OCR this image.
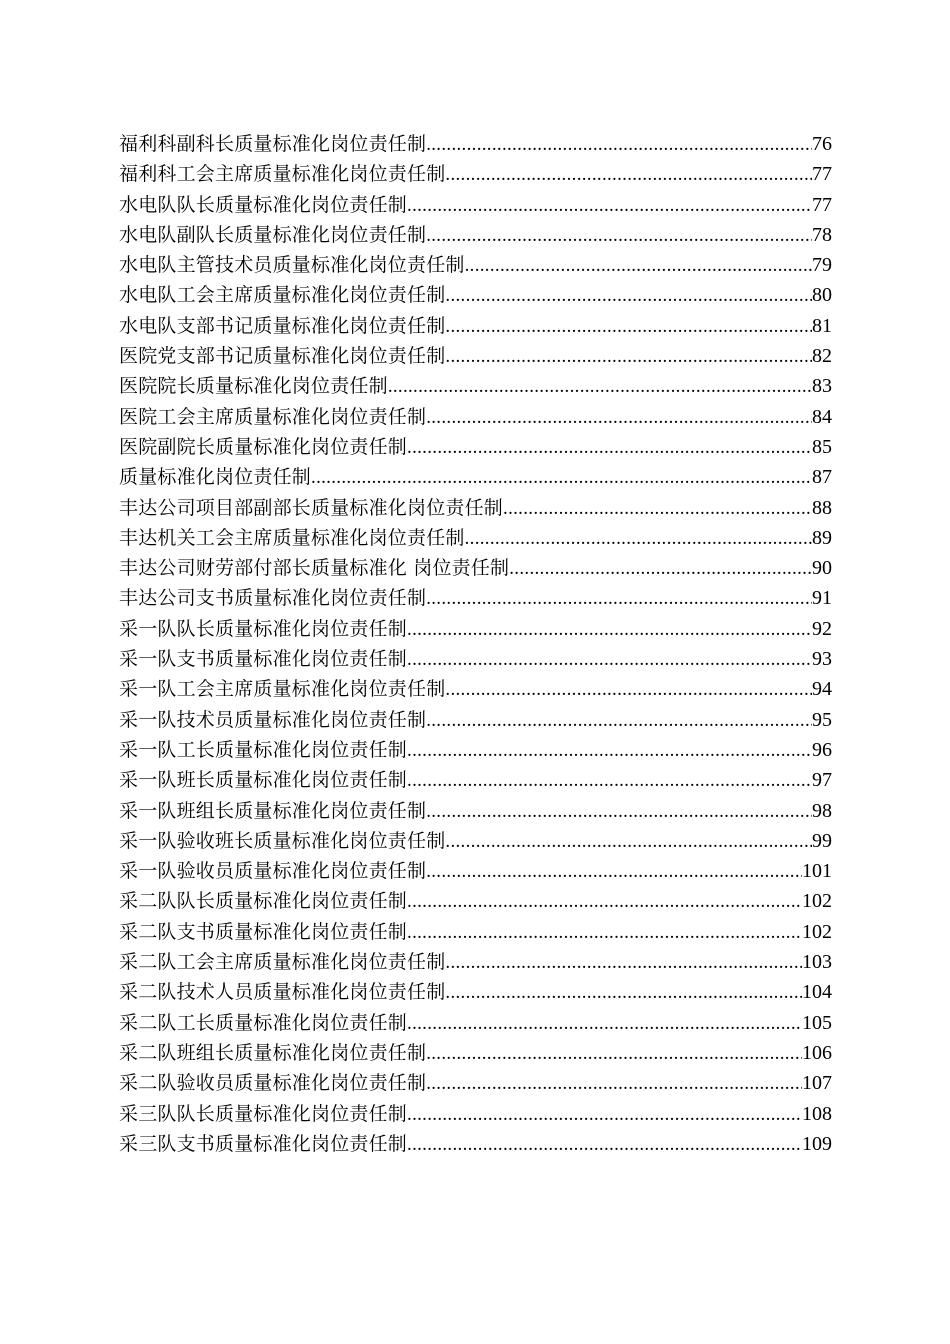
福利科副科长质量标准化岗位责任制 .....	76
福利科工会主席质量标准化岗位责任制 .....	77
水电队队长质量标准化岗位责任制 .....	77
水电队副队长质量标准化岗位责任制 .....	78
水电队主管技术员质量标准化岗位责任制 .....	79
水电队工会主席质量标准化岗位责任制 .....	80
水电队支部书记质量标准化岗位责任制 .....	81
医院党支部书记质量标准化岗位责任制 .....	82
医院院长质量标准化岗位责任制 .....	83
医院工会主席质量标准化岗位责任制 .....	84
医院副院长质量标准化岗位责任制 .....	85
质量标准化岗位责任制 .....	87
丰达公司项目部副部长质量标准化岗位责任制 .....	88
丰达机关工会主席质量标准化岗位责任制 .....	89
丰达公司财劳部付部长质量标准化 岗位责任制 .....	90
丰达公司支书质量标准化岗位责任制 .....	91
采一队队长质量标准化岗位责任制 .....	92
采一队支书质量标准化岗位责任制 .....	93
采一队工会主席质量标准化岗位责任制 .....	94
采一队技术员质量标准化岗位责任制 .....	95
采一队工长质量标准化岗位责任制 .....	96
采一队班长质量标准化岗位责任制 .....	97
采一队班组长质量标准化岗位责任制 .....	98
采一队验收班长质量标准化岗位责任制 .....	99
采一队验收员质量标准化岗位责任制 .....	101
采二队队长质量标准化岗位责任制 .....	102
采二队支书质量标准化岗位责任制 .....	102
采二队工会主席质量标准化岗位责任制 .....	103
采二队技术人员质量标准化岗位责任制 .....	104
采二队工长质量标准化岗位责任制 .....	105
采二队班组长质量标准化岗位责任制 .....	106
采二队验收员质量标准化岗位责任制 .....	107
采三队队长质量标准化岗位责任制 .....	108
采三队支书质量标准化岗位责任制 .....	109
